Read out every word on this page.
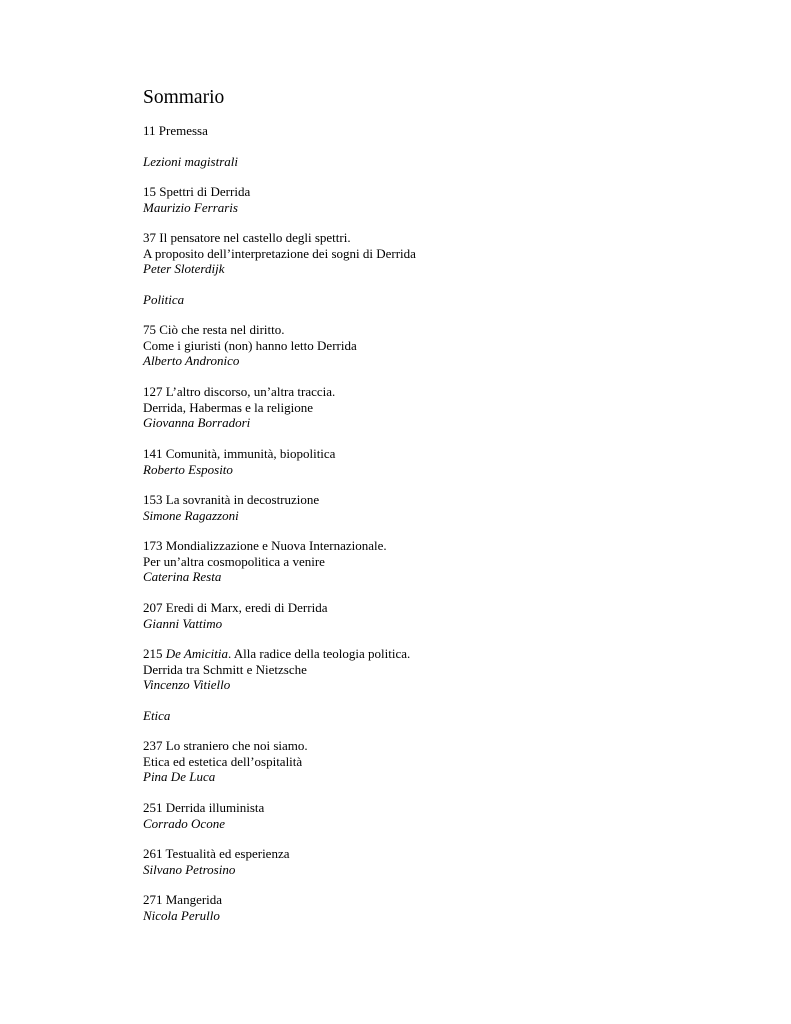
Sommario
11 Premessa
Lezioni magistrali
15 Spettri di Derrida
Maurizio Ferraris
37 Il pensatore nel castello degli spettri.
A proposito dell’interpretazione dei sogni di Derrida
Peter Sloterdijk
Politica
75 Ciò che resta nel diritto.
Come i giuristi (non) hanno letto Derrida
Alberto Andronico
127 L’altro discorso, un’altra traccia.
Derrida, Habermas e la religione
Giovanna Borradori
141 Comunità, immunità, biopolitica
Roberto Esposito
153 La sovranità in decostruzione
Simone Ragazzoni
173 Mondializzazione e Nuova Internazionale.
Per un’altra cosmopolitica a venire
Caterina Resta
207 Eredi di Marx, eredi di Derrida
Gianni Vattimo
215 De Amicitia. Alla radice della teologia politica.
Derrida tra Schmitt e Nietzsche
Vincenzo Vitiello
Etica
237 Lo straniero che noi siamo.
Etica ed estetica dell’ospitalità
Pina De Luca
251 Derrida illuminista
Corrado Ocone
261 Testualità ed esperienza
Silvano Petrosino
271 Mangerida
Nicola Perullo
